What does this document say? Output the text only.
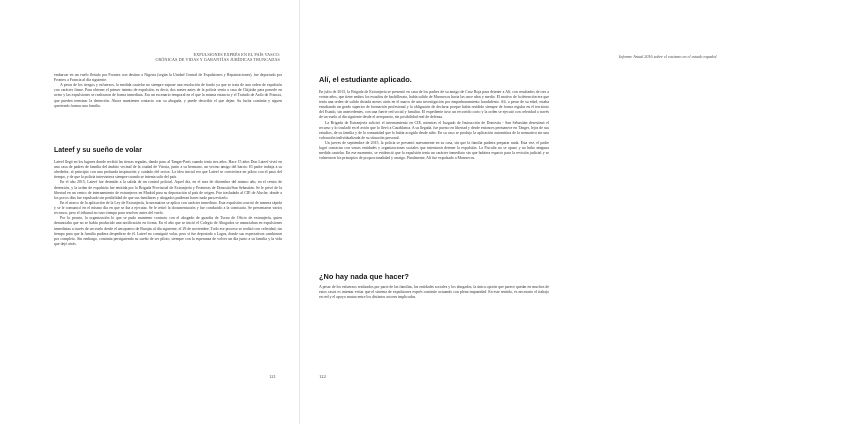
EXPULSIONES EXPRÉS EN EL PAÍS VASCO:
CRÓNICAS DE VIDAS Y GARANTÍAS JURÍDICAS TRUNCADAS

embarcar en un vuelo fletado por Frontex con destino a Nigeria (según la Unidad Central de Expulsiones y Repatriaciones), fue deportado por Frontex a Francia al día siguiente.

A pesar de los riesgos y esfuerzos, la medida cautelar no siempre supone una resolución de fondo ya que se trata de una orden de expulsión con carácter firme. Para obtener el primer intento de expulsión, es decir, dos meses antes de la policía venía a casa de Chijioke para ponerle en aviso y las expulsiones se realizaron de forma inmediata. Era un escenario temporal en el que la misma estancia y el Tratado de Asilo de Francia, que pueden terminar la detención. Ahora mantienen contacto con su abogada, y puede describir el que dejan. Su lucha continúa y siguen queriendo formar una familia.

Lateef y su sueño de volar

Lateef llegó en los lugares donde recibió las tierras regadas, dando paso al Tanger-París cuando tenía tres años. Hace 15 años Don Lateef vivió en una casa de padres de familia del ámbito vecinal de la ciudad de Vitoria, junto a su hermano, un vecino amigo del barrio. El padre trabaja a su alrededor, al principio con una profunda inspiración y cuidado del sector. La idea inicial era que Lateef se convirtiera en piloto con el paso del tiempo, y de que la policía interviniera siempre cuando se intenta salir del país.

En el año 2015, Lateef fue detenido a la salida de un control policial. Aquel día, en el mes de diciembre del mismo año, en el centro de detención, y la orden de expulsión fue emitida por la Brigada Provincial de Extranjería y Fronteras de Donostia/San Sebastián. Se le privó de la libertad en un centro de internamiento de extranjeros en Madrid para su deportación al país de origen. Fue trasladado al CIE de Aluche, donde a los pocos días fue expulsado sin posibilidad de que sus familiares y abogados pudieran hacer nada para evitarlo.

En el marco de la aplicación de la Ley de Extranjería, la normativa se aplica con carácter inmediato. Esta expulsión ocurrió de manera rápida y se le comunicó en el mismo día en que se iba a ejecutar. Se le retiró la documentación y fue conducido a la comisaría. Se presentaron varios recursos, pero el tribunal no tuvo tiempo para resolver antes del vuelo.

Por lo pronto, la organización lo que se pudo mantener contacto con el abogado de guardia de Turno de Oficio de extranjería, quien denunciaba que no se había producido una notificación en forma. En el año que se inició el Colegio de Abogados se anunciaban en expulsiones inmediatas a través de un vuelo desde el aeropuerto de Barajas al día siguiente, el 29 de noviembre. Todo ese proceso se realizó con celeridad, sin tiempo para que la familia pudiera despedirse de él. Lateef no consiguió volar, pero sí fue deportado a Lagos, donde sus expectativas cambiaron por completo. Sin embargo, continúa persiguiendo su sueño de ser piloto, siempre con la esperanza de volver un día junto a su familia y la vida que dejó atrás.

121
Informe Anual 2016 sobre el racismo en el estado español
Alí, el estudiante aplicado.

En julio de 2015, la Brigada de Extranjería se presentó en casa de los padres de su amigo de Cruz Roja para detener a Alí, con resultados de tres a veinte años, que tiene ambos los estudios de bachillerato, había salido de Marruecos hacia las once años y medio. El motivo de la detención era que tenía una orden de salida dictada meses atrás en el marco de una investigación por empadronamiento fraudulento. Alí, a pesar de su edad, estaba estudiando un grado superior de formación profesional y la obligación de declarar porque había residido siempre de forma regular en el territorio del Estado, sin antecedentes, con una fuerte red social y familiar. El expediente tuvo un recorrido corto y la orden se ejecutó con celeridad a través de un vuelo al día siguiente desde el aeropuerto, sin posibilidad real de defensa.

La Brigada de Extranjería solicitó el internamiento en CIE, mientras el Juzgado de Instrucción de Donostia - San Sebastián desestimó el recurso y lo trasladó en el avión que lo llevó a Casablanca. A su llegada, fue puesto en libertad y desde entonces permanece en Tánger, lejos de sus estudios, de su familia y de la comunidad que lo había acogido desde niño. En su caso se produjo la aplicación automática de la normativa sin una valoración individualizada de su situación personal.

Un jueves de septiembre de 2015, la policía se presentó nuevamente en su casa, sin que la familia pudiera preparar nada. Esta vez, el padre logró contactar con varias entidades y organizaciones sociales que intentaron detener la expulsión. La Fiscalía no se opuso y no hubo ninguna medida cautelar. En ese momento, se evidenció que la expulsión tenía un carácter inmediato sin que hubiera espacio para la revisión judicial y se vulneraron los principios de proporcionalidad y arraigo. Finalmente, Alí fue expulsado a Marruecos.

¿No hay nada que hacer?

A pesar de los esfuerzos realizados por parte de las familias, las entidades sociales y los abogados, la única opción que parece quedar en muchos de estos casos es intentar evitar que el sistema de expulsiones exprés continúe actuando con plena impunidad. En este sentido, es necesario el trabajo en red y el apoyo mutuo entre los distintos actores implicados.

122
